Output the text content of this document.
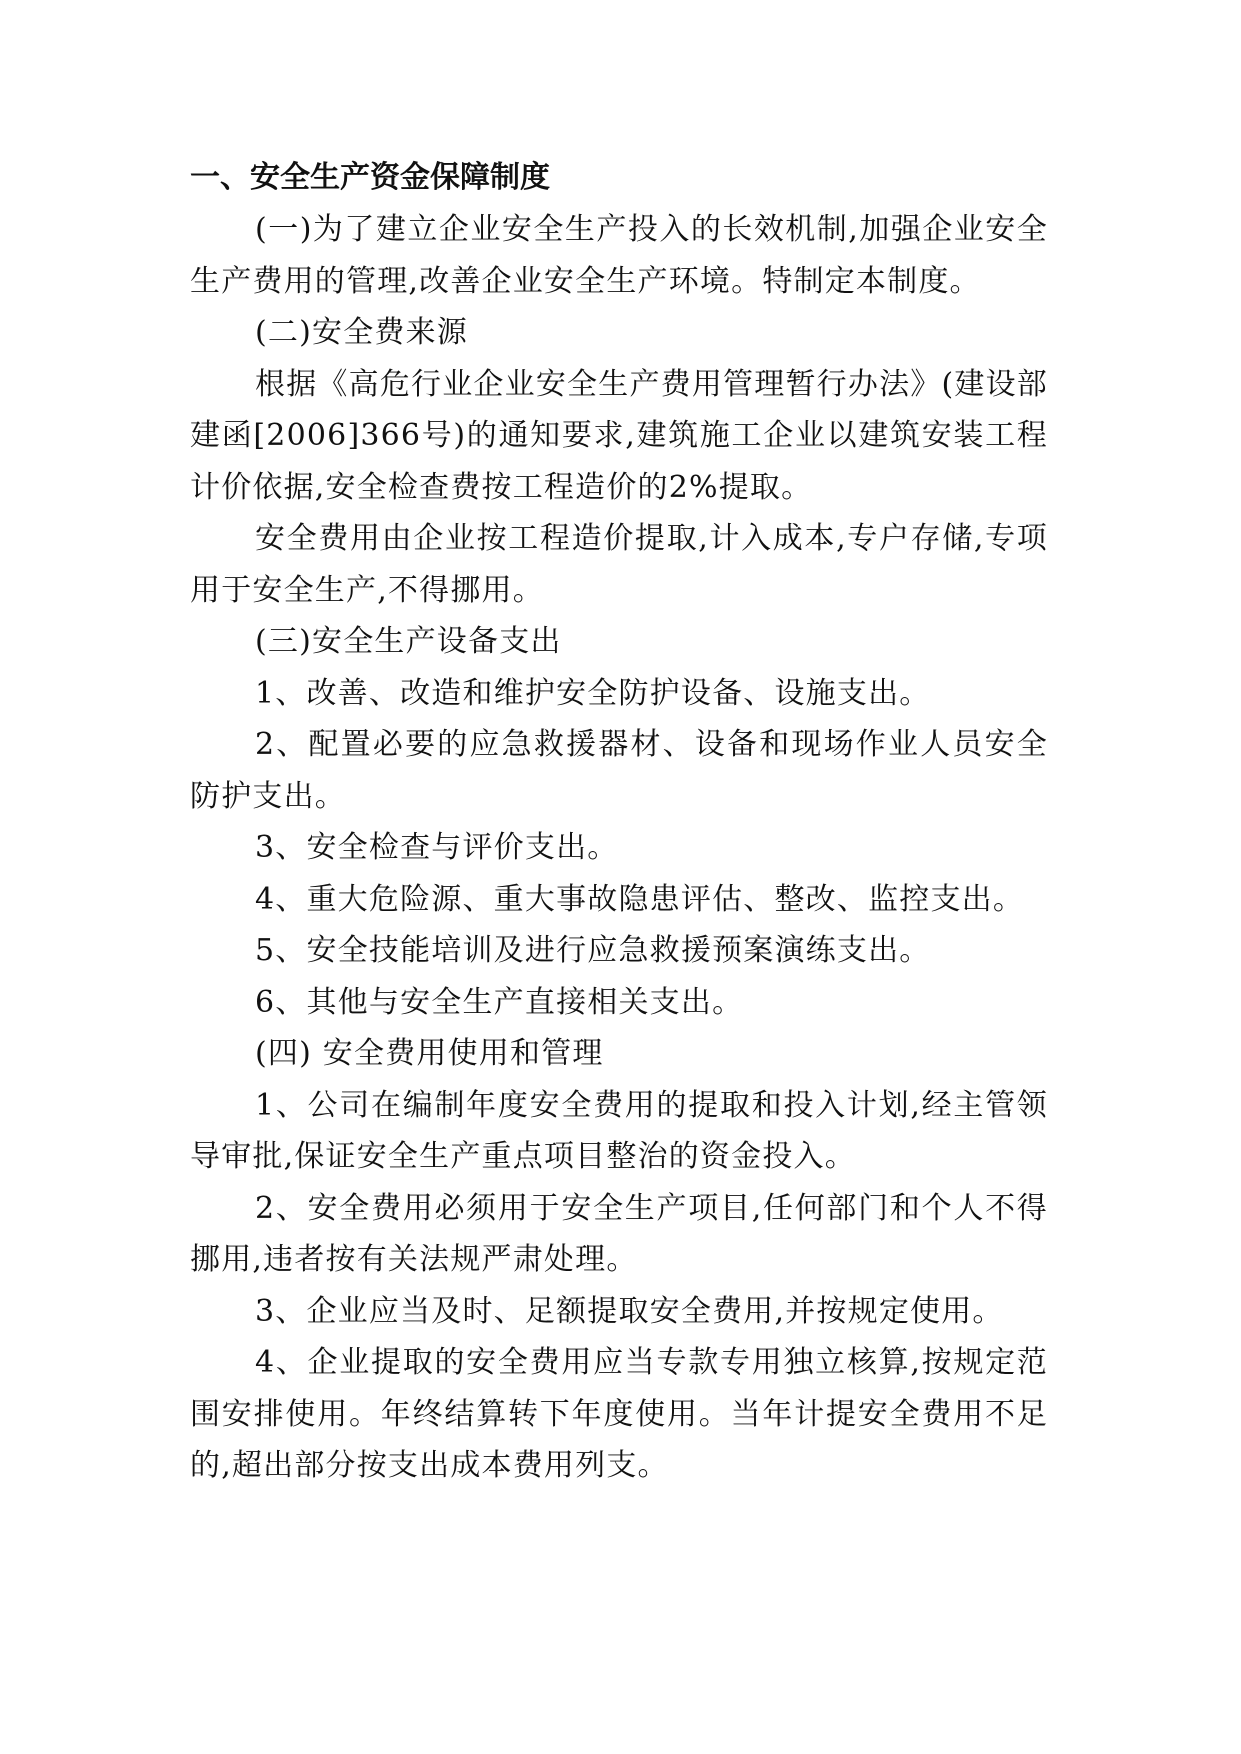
一、安全生产资金保障制度

(一)为了建立企业安全生产投入的长效机制,加强企业安全生产费用的管理,改善企业安全生产环境。特制定本制度。

(二)安全费来源

根据《高危行业企业安全生产费用管理暂行办法》(建设部建函[2006]366号)的通知要求,建筑施工企业以建筑安装工程计价依据,安全检查费按工程造价的2%提取。

安全费用由企业按工程造价提取,计入成本,专户存储,专项用于安全生产,不得挪用。

(三)安全生产设备支出

1、改善、改造和维护安全防护设备、设施支出。

2、配置必要的应急救援器材、设备和现场作业人员安全防护支出。

3、安全检查与评价支出。

4、重大危险源、重大事故隐患评估、整改、监控支出。

5、安全技能培训及进行应急救援预案演练支出。

6、其他与安全生产直接相关支出。

(四) 安全费用使用和管理

1、公司在编制年度安全费用的提取和投入计划,经主管领导审批,保证安全生产重点项目整治的资金投入。

2、安全费用必须用于安全生产项目,任何部门和个人不得挪用,违者按有关法规严肃处理。

3、企业应当及时、足额提取安全费用,并按规定使用。

4、企业提取的安全费用应当专款专用独立核算,按规定范围安排使用。年终结算转下年度使用。当年计提安全费用不足的,超出部分按支出成本费用列支。
